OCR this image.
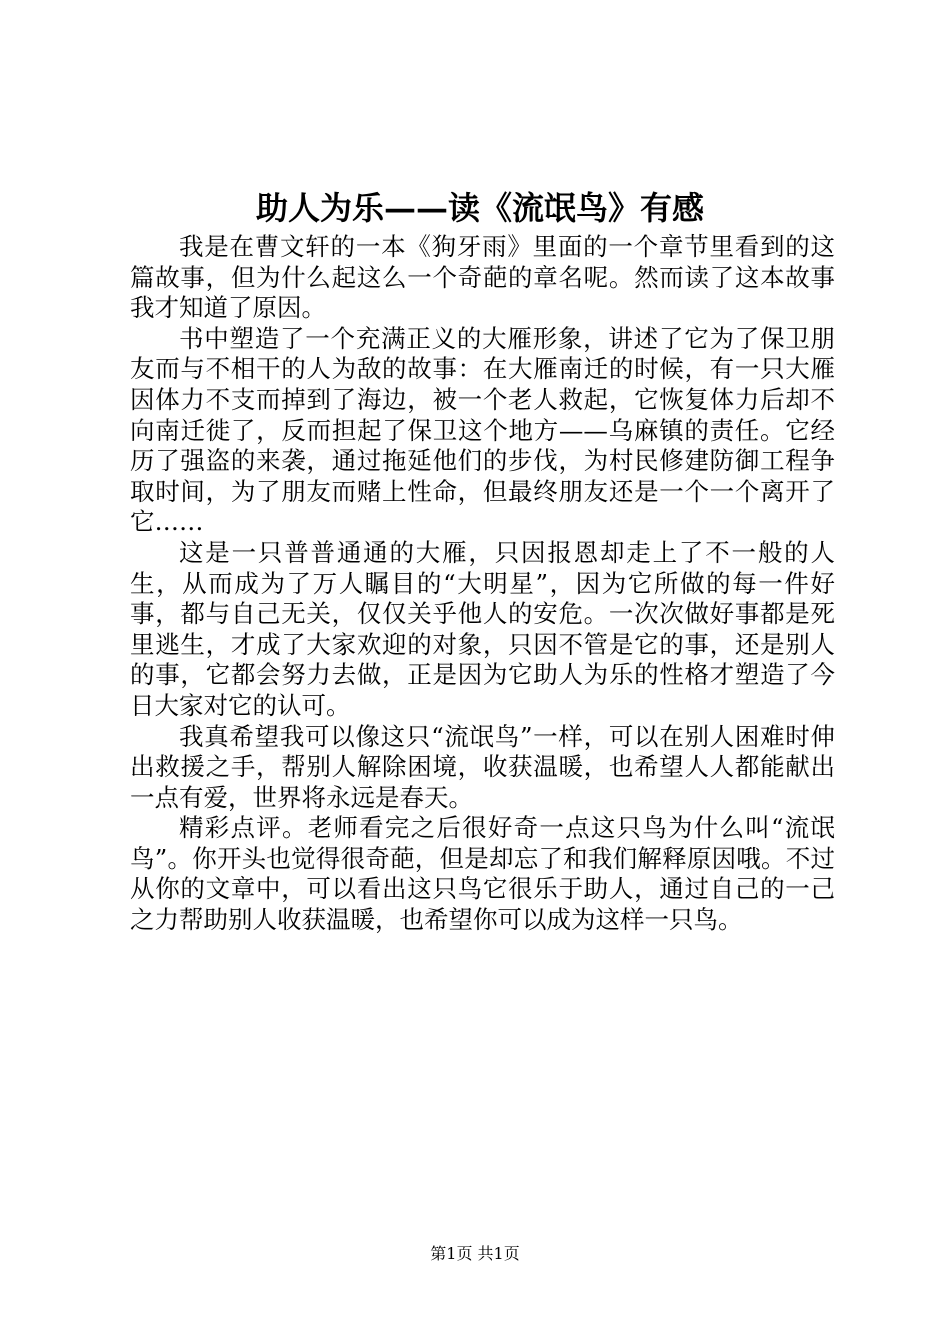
助人为乐——读《流氓鸟》有感

我是在曹文轩的一本《狗牙雨》里面的一个章节里看到的这篇故事，但为什么起这么一个奇葩的章名呢。然而读了这本故事我才知道了原因。

书中塑造了一个充满正义的大雁形象，讲述了它为了保卫朋友而与不相干的人为敌的故事：在大雁南迁的时候，有一只大雁因体力不支而掉到了海边，被一个老人救起，它恢复体力后却不向南迁徙了，反而担起了保卫这个地方——乌麻镇的责任。它经历了强盗的来袭，通过拖延他们的步伐，为村民修建防御工程争取时间，为了朋友而赌上性命，但最终朋友还是一个一个离开了它……

这是一只普普通通的大雁，只因报恩却走上了不一般的人生，从而成为了万人瞩目的“大明星”，因为它所做的每一件好事，都与自己无关，仅仅关乎他人的安危。一次次做好事都是死里逃生，才成了大家欢迎的对象，只因不管是它的事，还是别人的事，它都会努力去做，正是因为它助人为乐的性格才塑造了今日大家对它的认可。

我真希望我可以像这只“流氓鸟”一样，可以在别人困难时伸出救援之手，帮别人解除困境，收获温暖，也希望人人都能献出一点有爱，世界将永远是春天。

精彩点评。老师看完之后很好奇一点这只鸟为什么叫“流氓鸟”。你开头也觉得很奇葩，但是却忘了和我们解释原因哦。不过从你的文章中，可以看出这只鸟它很乐于助人，通过自己的一己之力帮助别人收获温暖，也希望你可以成为这样一只鸟。

第1页 共1页
